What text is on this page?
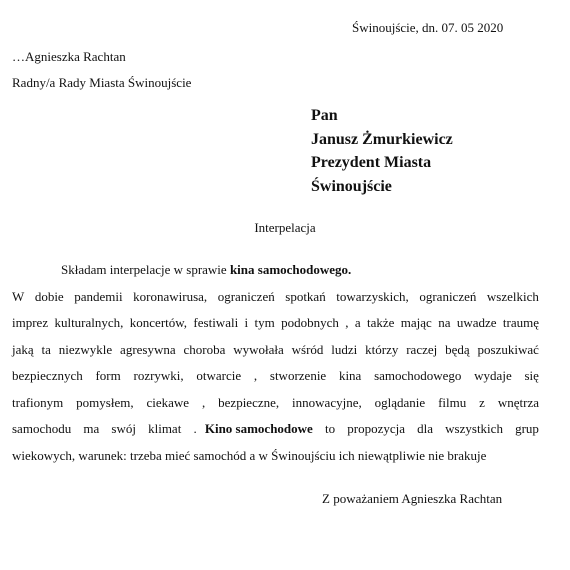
Świnoujście, dn. 07. 05 2020
…Agnieszka Rachtan
Radny/a Rady Miasta Świnoujście
Pan
Janusz Żmurkiewicz
Prezydent Miasta
Świnoujście
Interpelacja
Składam interpelacje w sprawie kina samochodowego.
W dobie pandemii koronawirusa, ograniczeń spotkań towarzyskich, ograniczeń wszelkich
imprez kulturalnych, koncertów, festiwali i tym podobnych , a także mając na uwadze traumę
jaką ta niezwykle agresywna choroba wywołała wśród ludzi którzy raczej będą poszukiwać
bezpiecznych form rozrywki, otwarcie , stworzenie kina samochodowego wydaje się
trafionym pomysłem, ciekawe , bezpieczne, innowacyjne, oglądanie filmu z wnętrza
samochodu ma swój klimat . Kino samochodowe to propozycja dla wszystkich grup
wiekowych, warunek: trzeba mieć samochód a w Świnoujściu ich niewątpliwie nie brakuje
Z poważaniem Agnieszka Rachtan
